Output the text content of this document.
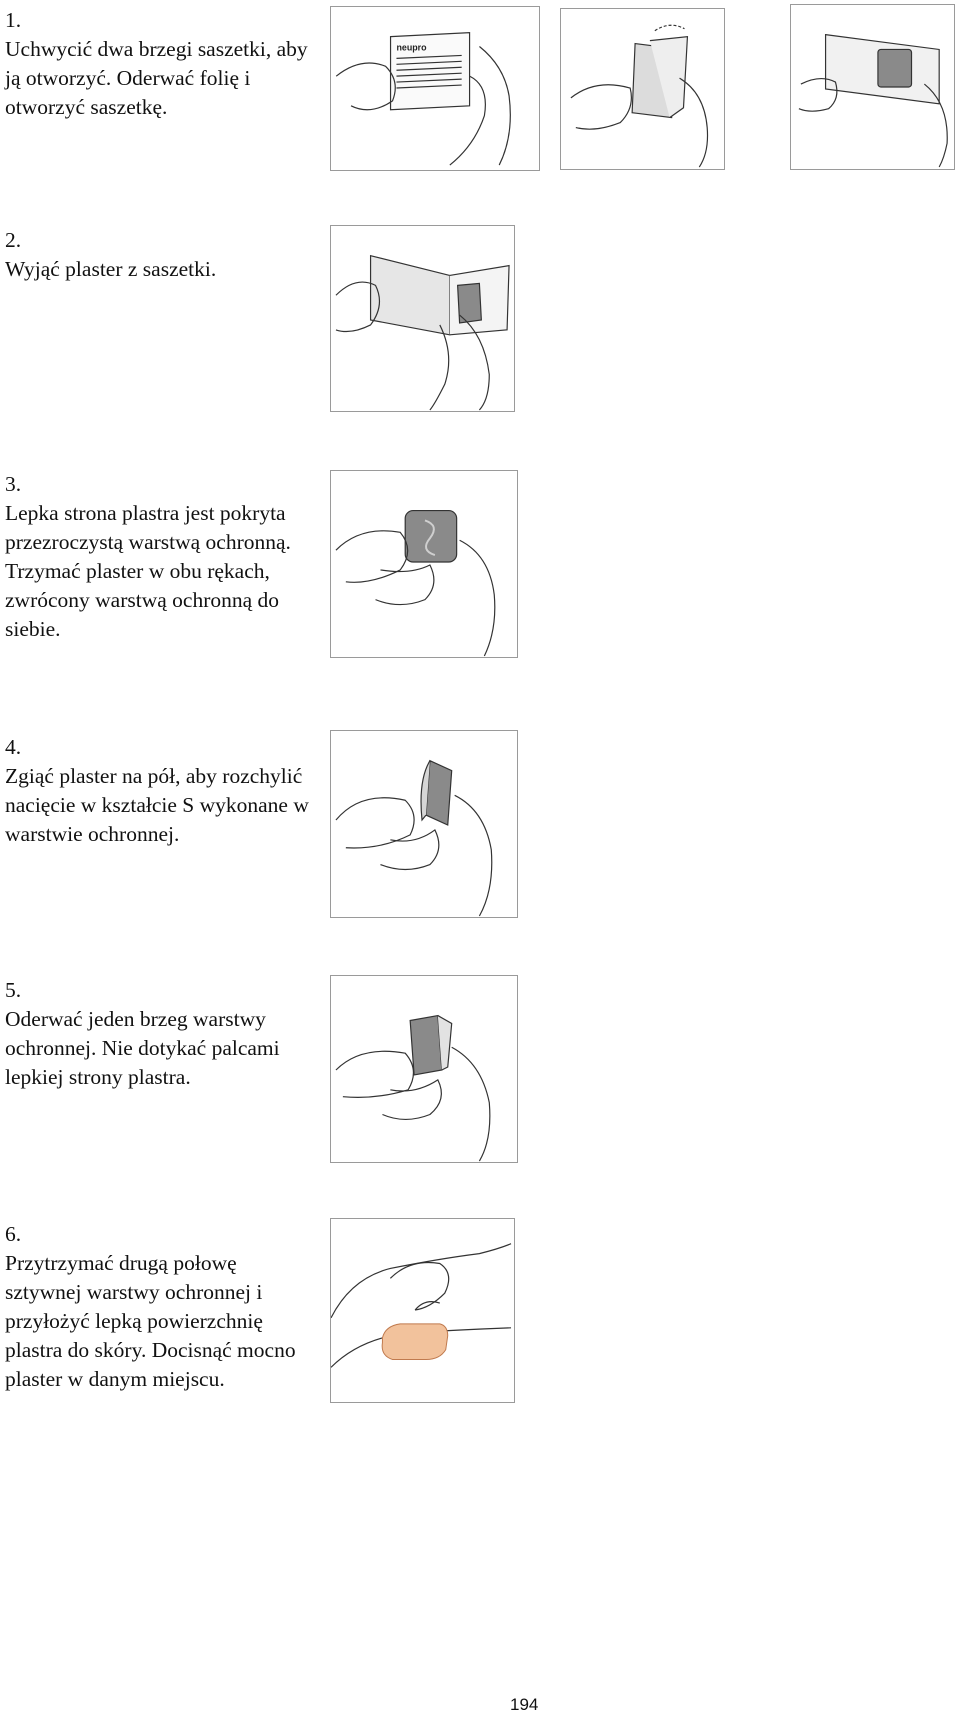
1.
Uchwycić dwa brzegi saszetki, aby ją otworzyć. Oderwać folię i otworzyć saszetkę.
2.
Wyjąć plaster z saszetki.
3.
Lepka strona plastra jest pokryta przezroczystą warstwą ochronną. Trzymać plaster w obu rękach, zwrócony warstwą ochronną do siebie.
4.
Zgiąć plaster na pół, aby rozchylić nacięcie w kształcie S wykonane w warstwie ochronnej.
5.
Oderwać jeden brzeg warstwy ochronnej. Nie dotykać palcami lepkiej strony plastra.
6.
Przytrzymać drugą połowę sztywnej warstwy ochronnej i przyłożyć lepką powierzchnię plastra do skóry. Docisnąć mocno plaster w danym miejscu.
neupro
194
